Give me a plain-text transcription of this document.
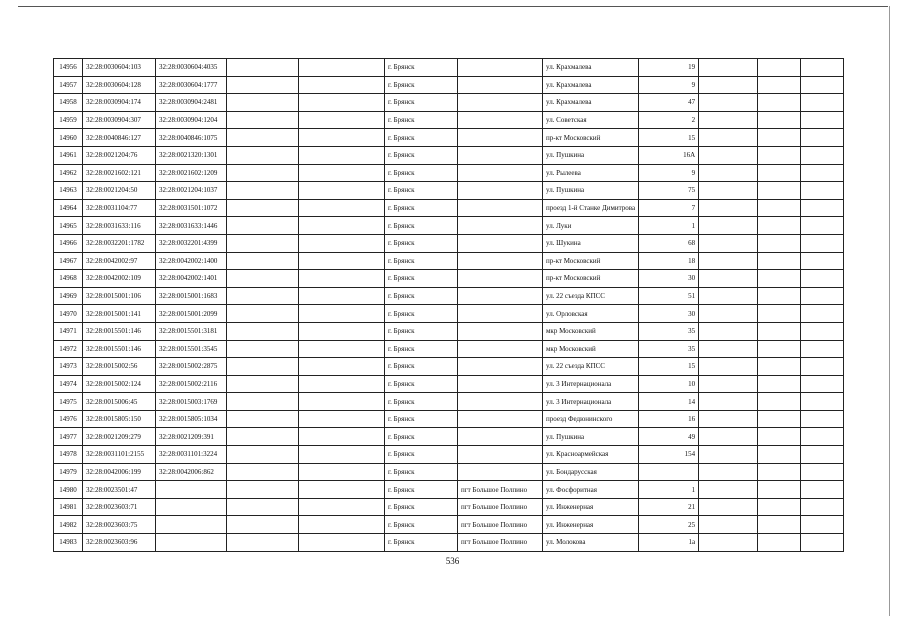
14956	32:28:0030604:103	32:28:0030604:4035			г. Брянск		ул. Крахмалева	19			
14957	32:28:0030604:128	32:28:0030604:1777			г. Брянск		ул. Крахмалева	9			
14958	32:28:0030904:174	32:28:0030904:2481			г. Брянск		ул. Крахмалева	47			
14959	32:28:0030904:307	32:28:0030904:1204			г. Брянск		ул. Советская	2			
14960	32:28:0040846:127	32:28:0040846:1075			г. Брянск		пр-кт Московский	15			
14961	32:28:0021204:76	32:28:0021320:1301			г. Брянск		ул. Пушкина	16А			
14962	32:28:0021602:121	32:28:0021602:1209			г. Брянск		ул. Рылеева	9			
14963	32:28:0021204:50	32:28:0021204:1037			г. Брянск		ул. Пушкина	75			
14964	32:28:0031104:77	32:28:0031501:1072			г. Брянск		проезд 1-й Станке Димитрова	7			
14965	32:28:0031633:116	32:28:0031633:1446			г. Брянск		ул. Луки	1			
14966	32:28:0032201:1782	32:28:0032201:4399			г. Брянск		ул. Шукина	68			
14967	32:28:0042002:97	32:28:0042002:1400			г. Брянск		пр-кт Московский	18			
14968	32:28:0042002:109	32:28:0042002:1401			г. Брянск		пр-кт Московский	30			
14969	32:28:0015001:106	32:28:0015001:1683			г. Брянск		ул. 22 съезда КПСС	51			
14970	32:28:0015001:141	32:28:0015001:2099			г. Брянск		ул. Орловская	30			
14971	32:28:0015501:146	32:28:0015501:3181			г. Брянск		мкр Московский	35			
14972	32:28:0015501:146	32:28:0015501:3545			г. Брянск		мкр Московский	35			
14973	32:28:0015002:56	32:28:0015002:2875			г. Брянск		ул. 22 съезда КПСС	15			
14974	32:28:0015002:124	32:28:0015002:2116			г. Брянск		ул. 3 Интернационала	10			
14975	32:28:0015006:45	32:28:0015003:1769			г. Брянск		ул. 3 Интернационала	14			
14976	32:28:0015805:150	32:28:0015805:1034			г. Брянск		проезд Федюнинского	16			
14977	32:28:0021209:279	32:28:0021209:391			г. Брянск		ул. Пушкина	49			
14978	32:28:0031101:2155	32:28:0031101:3224			г. Брянск		ул. Красноармейская	154			
14979	32:28:0042006:199	32:28:0042006:862			г. Брянск		ул. Бондарусская				
14980	32:28:0023501:47				г. Брянск	пгт Большое Полпино	ул. Фосфоритная	1			
14981	32:28:0023603:71				г. Брянск	пгт Большое Полпино	ул. Инженерная	21			
14982	32:28:0023603:75				г. Брянск	пгт Большое Полпино	ул. Инженерная	25			
14983	32:28:0023603:96				г. Брянск	пгт Большое Полпино	ул. Молокова	1а			
536
